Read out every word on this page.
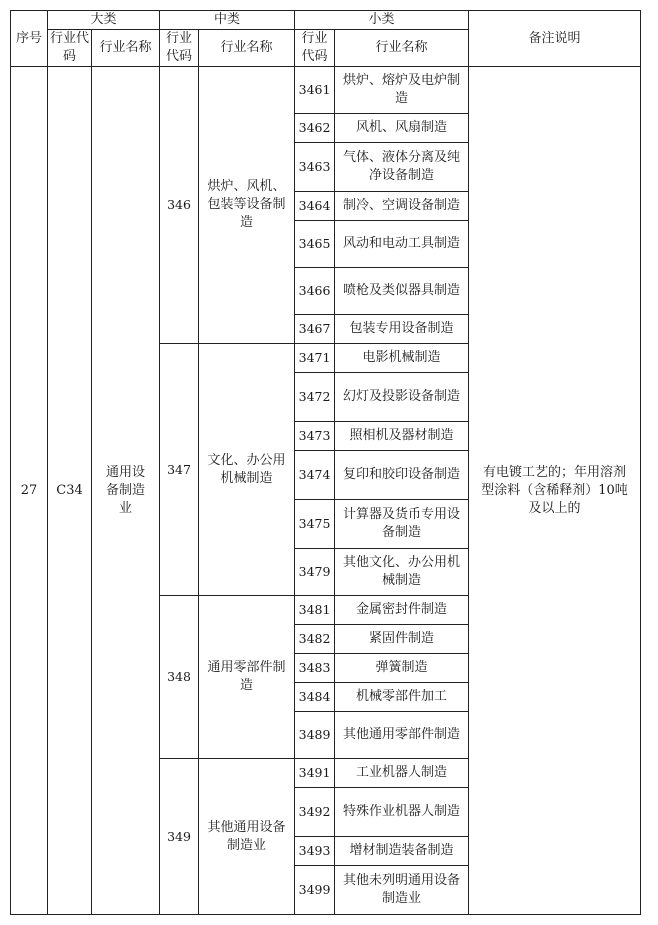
序号	大类		中类		小类		备注说明
	行业代码	行业名称	行业代码	行业名称	行业代码	行业名称	
27	C34	通用设备制造业	346	烘炉、风机、包装等设备制造	3461	烘炉、熔炉及电炉制造	有电镀工艺的；年用溶剂型涂料（含稀释剂）10吨及以上的
					3462	风机、风扇制造	
					3463	气体、液体分离及纯净设备制造	
					3464	制冷、空调设备制造	
					3465	风动和电动工具制造	
					3466	喷枪及类似器具制造	
					3467	包装专用设备制造	
			347	文化、办公用机械制造	3471	电影机械制造	
					3472	幻灯及投影设备制造	
					3473	照相机及器材制造	
					3474	复印和胶印设备制造	
					3475	计算器及货币专用设备制造	
					3479	其他文化、办公用机械制造	
			348	通用零部件制造	3481	金属密封件制造	
					3482	紧固件制造	
					3483	弹簧制造	
					3484	机械零部件加工	
					3489	其他通用零部件制造	
			349	其他通用设备制造业	3491	工业机器人制造	
					3492	特殊作业机器人制造	
					3493	增材制造装备制造	
					3499	其他未列明通用设备制造业	
